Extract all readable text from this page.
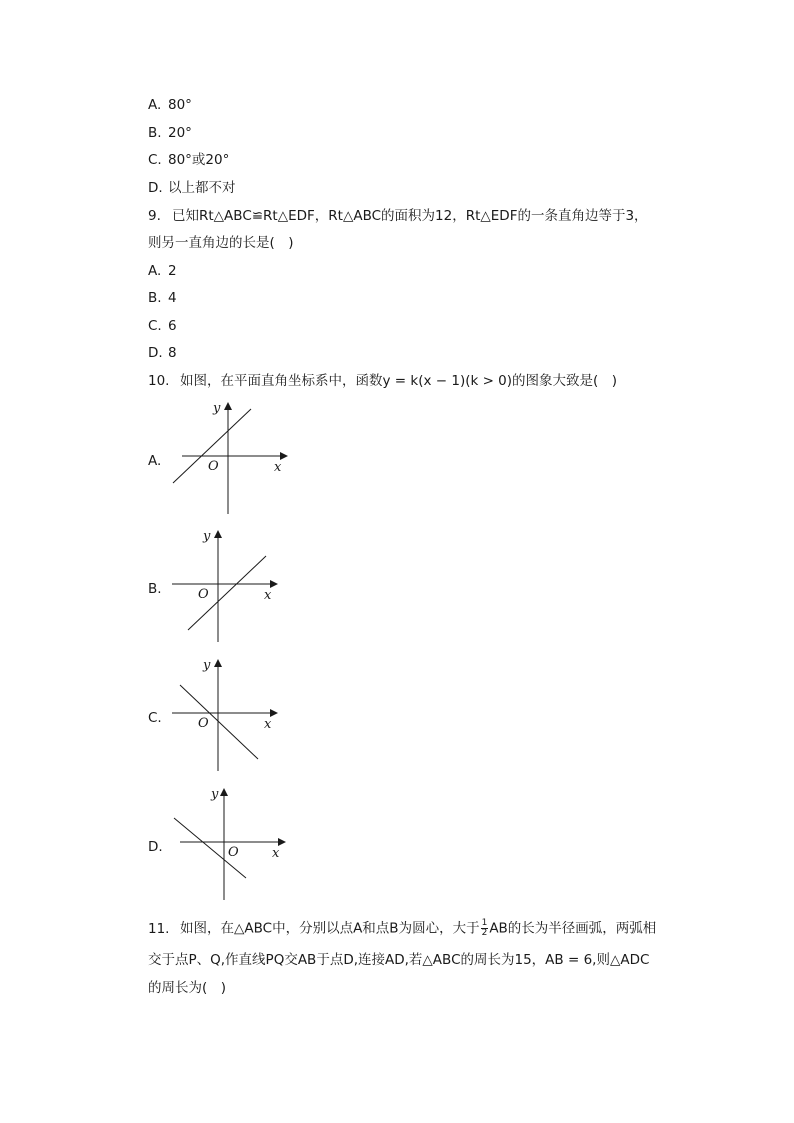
A. 80°
B. 20°
C. 80°或20°
D. 以上都不对
9. 已知Rt△ABC≌Rt△EDF，Rt△ABC的面积为12，Rt△EDF的一条直角边等于3，
则另一直角边的长是(　)
A. 2
B. 4
C. 6
D. 8
10. 如图，在平面直角坐标系中，函数y = k(x − 1)(k > 0)的图象大致是(　)
A.
y
x
O
B.
y
x
O
C.
y
x
O
D.
y
x
O
11. 如图，在△ABC中，分别以点A和点B为圆心，大于 $\frac{1}{2}$ AB的长为半径画弧，两弧相
交于点P、Q,作直线PQ交AB于点D,连接AD,若△ABC的周长为15，AB = 6,则△ADC
的周长为(　)
